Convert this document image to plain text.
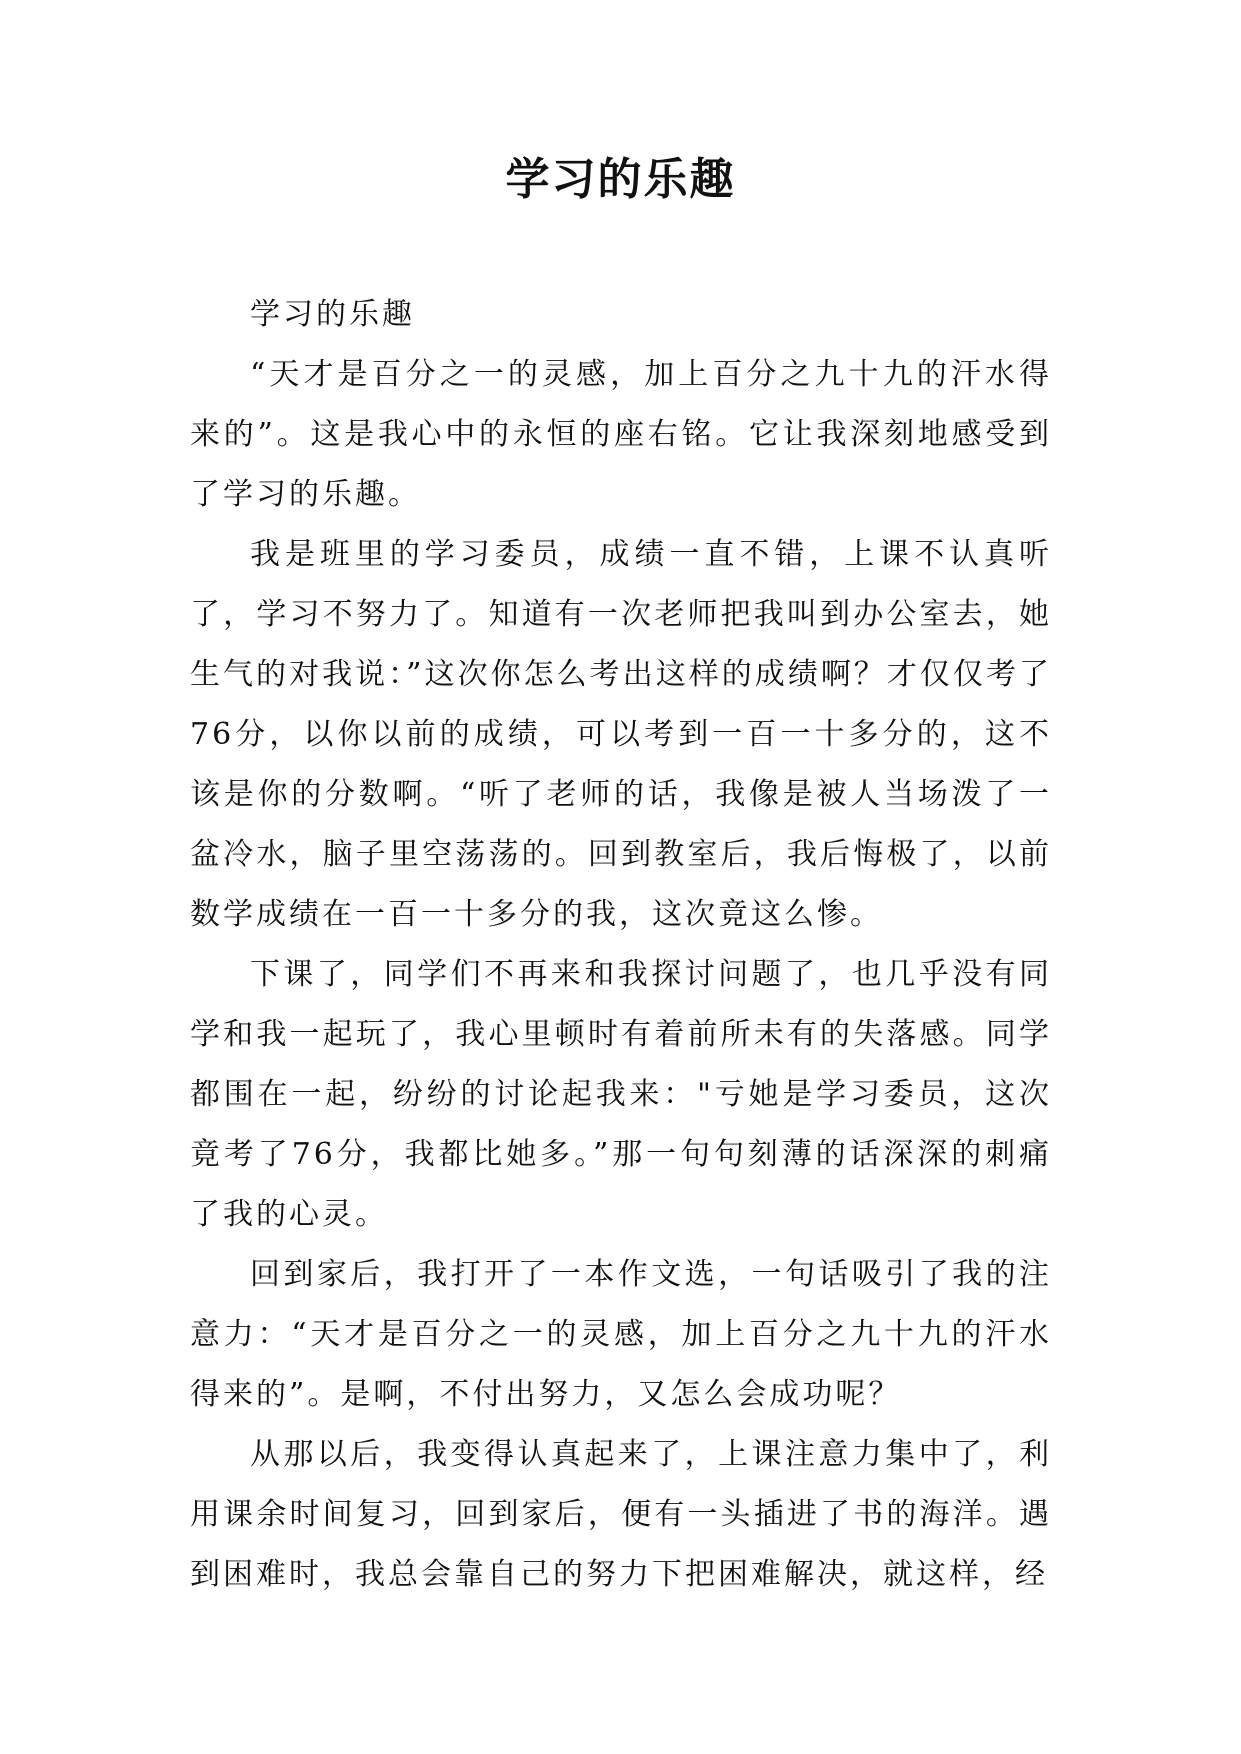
学习的乐趣

学习的乐趣

“天才是百分之一的灵感，加上百分之九十九的汗水得来的”。这是我心中的永恒的座右铭。它让我深刻地感受到了学习的乐趣。

我是班里的学习委员，成绩一直不错，上课不认真听了，学习不努力了。知道有一次老师把我叫到办公室去，她生气的对我说：”这次你怎么考出这样的成绩啊？才仅仅考了76分，以你以前的成绩，可以考到一百一十多分的，这不该是你的分数啊。“听了老师的话，我像是被人当场泼了一盆冷水，脑子里空荡荡的。回到教室后，我后悔极了，以前数学成绩在一百一十多分的我，这次竟这么惨。

下课了，同学们不再来和我探讨问题了，也几乎没有同学和我一起玩了，我心里顿时有着前所未有的失落感。同学都围在一起，纷纷的讨论起我来："亏她是学习委员，这次竟考了76分，我都比她多。”那一句句刻薄的话深深的刺痛了我的心灵。

回到家后，我打开了一本作文选，一句话吸引了我的注意力：“天才是百分之一的灵感，加上百分之九十九的汗水得来的”。是啊，不付出努力，又怎么会成功呢？

从那以后，我变得认真起来了，上课注意力集中了，利用课余时间复习，回到家后，便有一头插进了书的海洋。遇到困难时，我总会靠自己的努力下把困难解决，就这样，经
